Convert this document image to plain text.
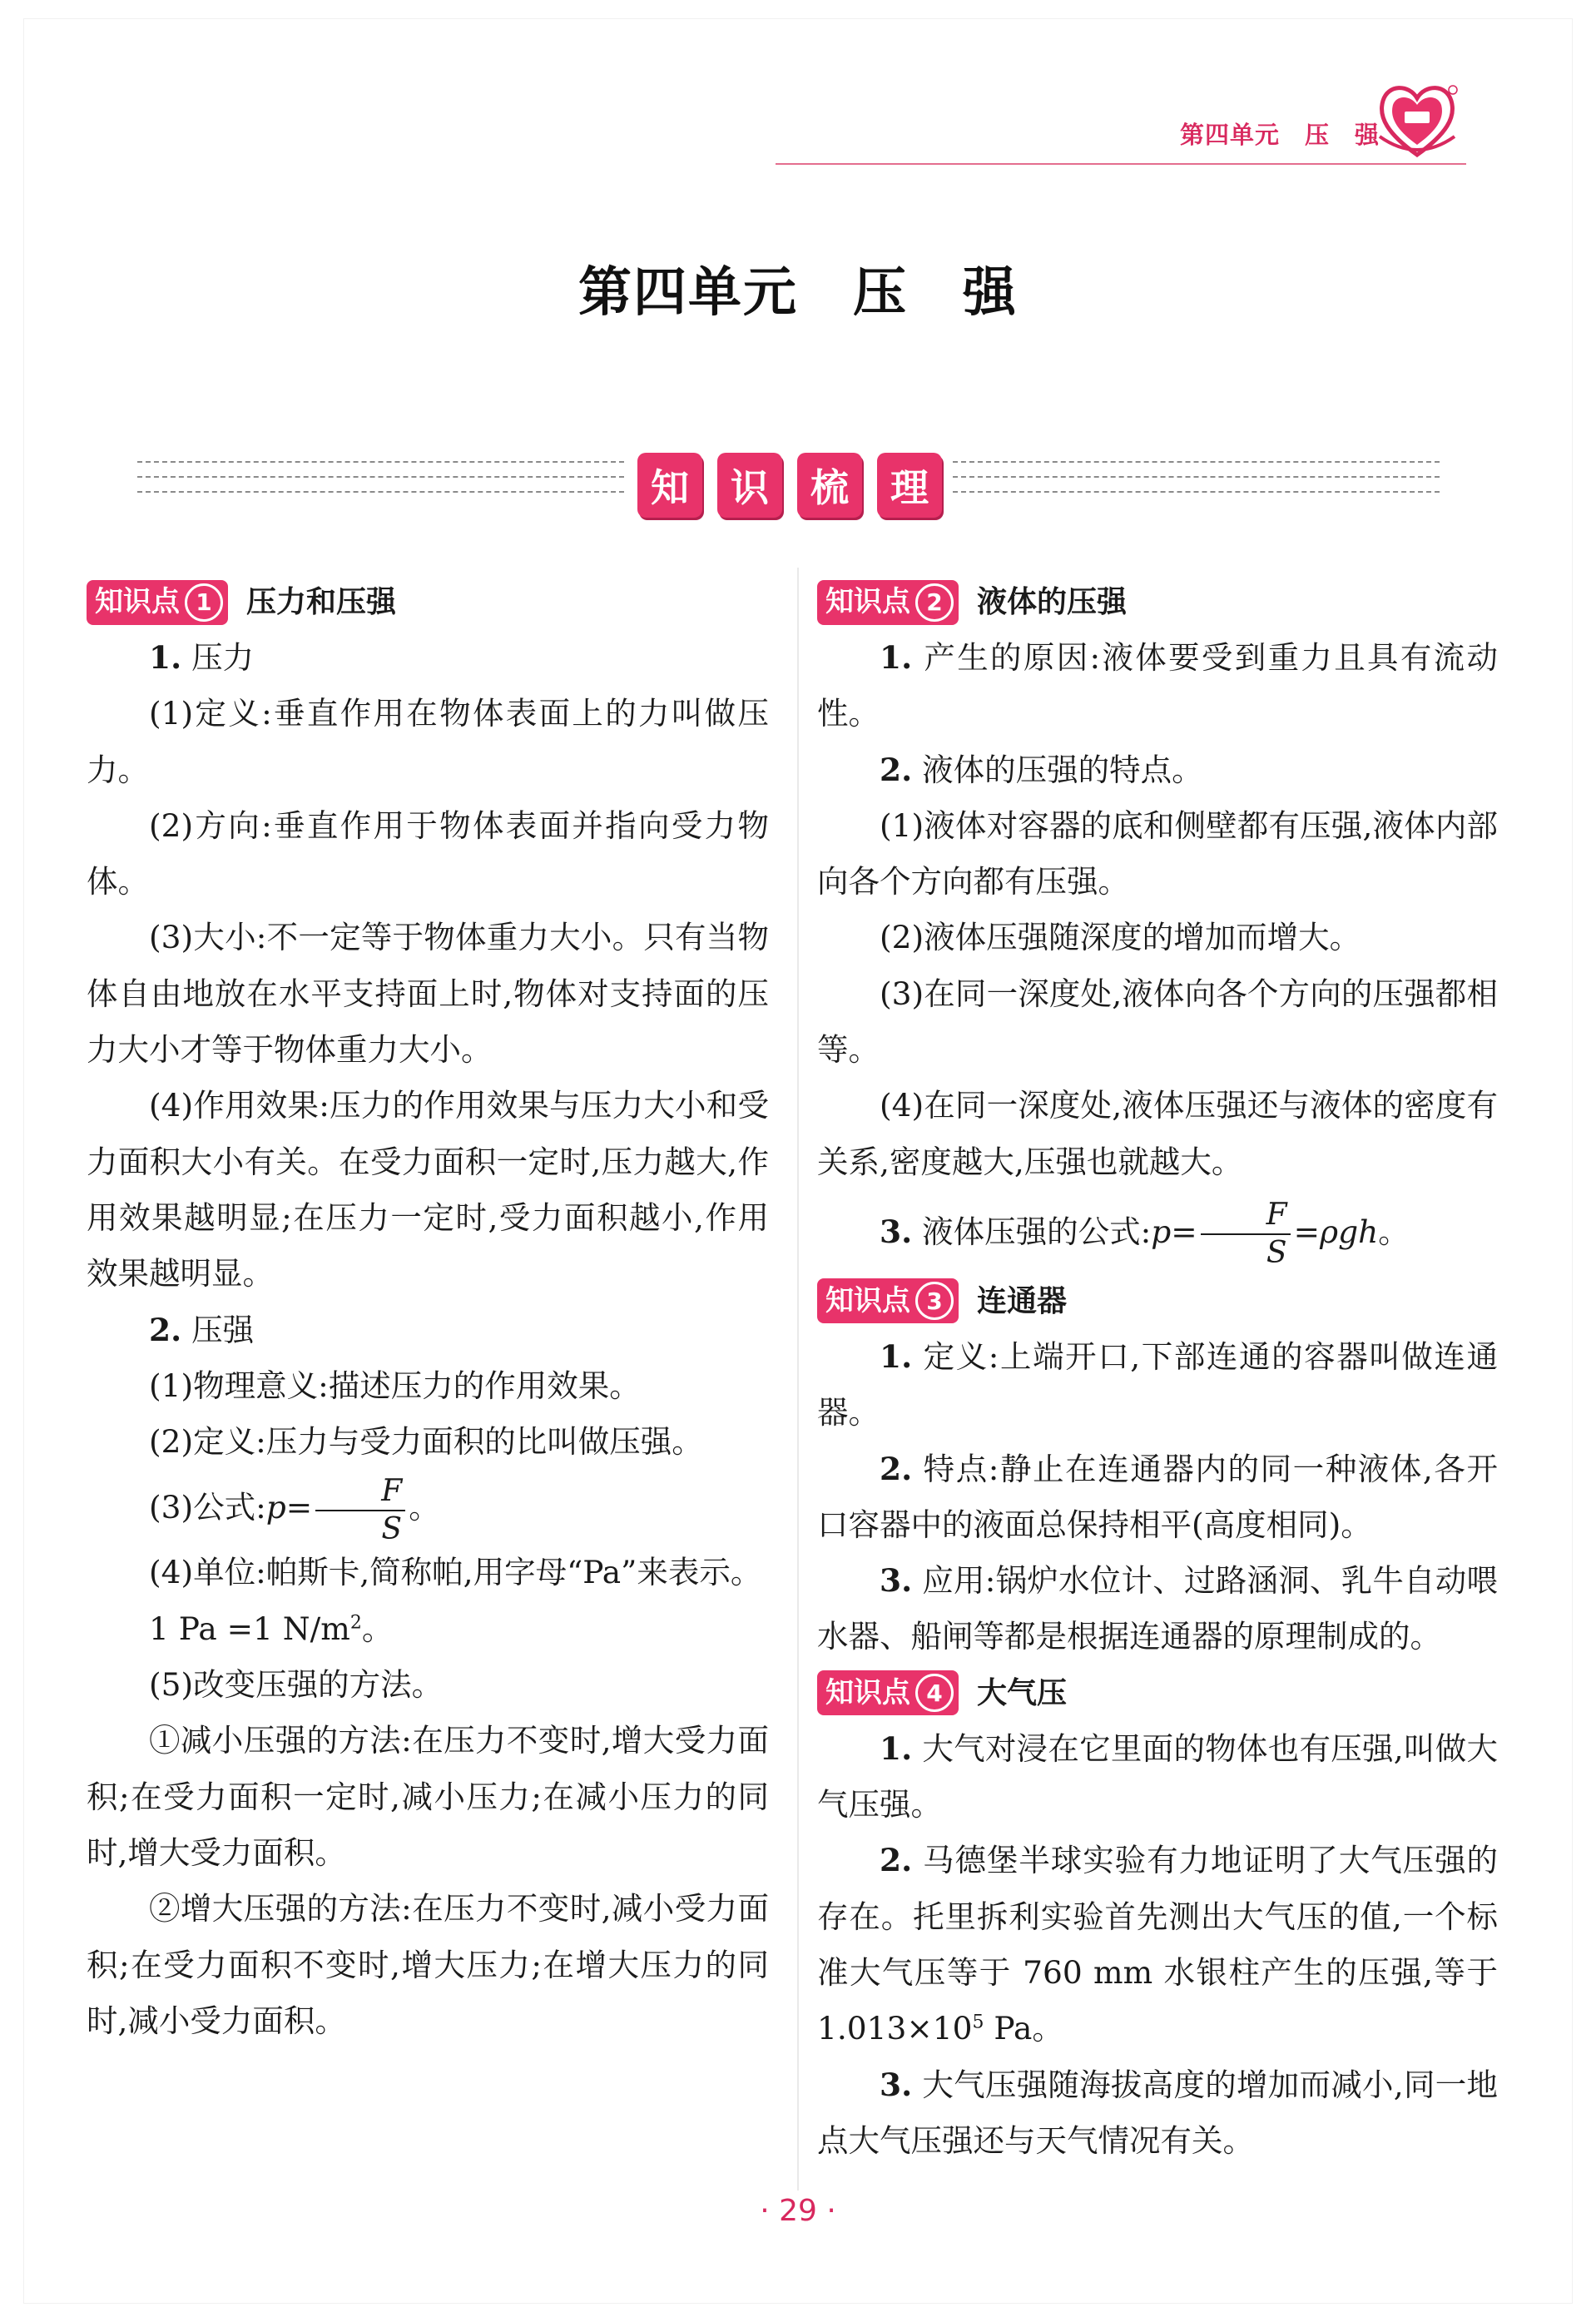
第四单元　压　强
第四单元　压　强
知	识	梳	理
知识点 1	压力和压强

1. 压力

(1)定义:垂直作用在物体表面上的力叫做压力。

(2)方向:垂直作用于物体表面并指向受力物体。

(3)大小:不一定等于物体重力大小。只有当物体自由地放在水平支持面上时,物体对支持面的压力大小才等于物体重力大小。

(4)作用效果:压力的作用效果与压力大小和受力面积大小有关。在受力面积一定时,压力越大,作用效果越明显;在压力一定时,受力面积越小,作用效果越明显。

2. 压强

(1)物理意义:描述压力的作用效果。

(2)定义:压力与受力面积的比叫做压强。

(3)公式:p= $\frac{F}{S}$ 。

(4)单位:帕斯卡,简称帕,用字母“Pa”来表示。

1 Pa =1 $N/m^2$。

(5)改变压强的方法。

①减小压强的方法:在压力不变时,增大受力面积;在受力面积一定时,减小压力;在减小压力的同时,增大受力面积。

②增大压强的方法:在压力不变时,减小受力面积;在受力面积不变时,增大压力;在增大压力的同时,减小受力面积。

知识点 2	液体的压强

1. 产生的原因:液体要受到重力且具有流动性。

2. 液体的压强的特点。

(1)液体对容器的底和侧壁都有压强,液体内部向各个方向都有压强。

(2)液体压强随深度的增加而增大。

(3)在同一深度处,液体向各个方向的压强都相等。

(4)在同一深度处,液体压强还与液体的密度有关系,密度越大,压强也就越大。

3. 液体压强的公式:p= $\frac{F}{S} =\rho gh$。

知识点 3	连通器

1. 定义:上端开口,下部连通的容器叫做连通器。

2. 特点:静止在连通器内的同一种液体,各开口容器中的液面总保持相平(高度相同)。

3. 应用:锅炉水位计、过路涵洞、乳牛自动喂水器、船闸等都是根据连通器的原理制成的。

知识点 4	大气压

1. 大气对浸在它里面的物体也有压强,叫做大气压强。

2. 马德堡半球实验有力地证明了大气压强的存在。托里拆利实验首先测出大气压的值,一个标准大气压等于 760 mm 水银柱产生的压强,等于 $1.013\times 10^5$ Pa。

3. 大气压强随海拔高度的增加而减小,同一地点大气压强还与天气情况有关。

· 29 ·
